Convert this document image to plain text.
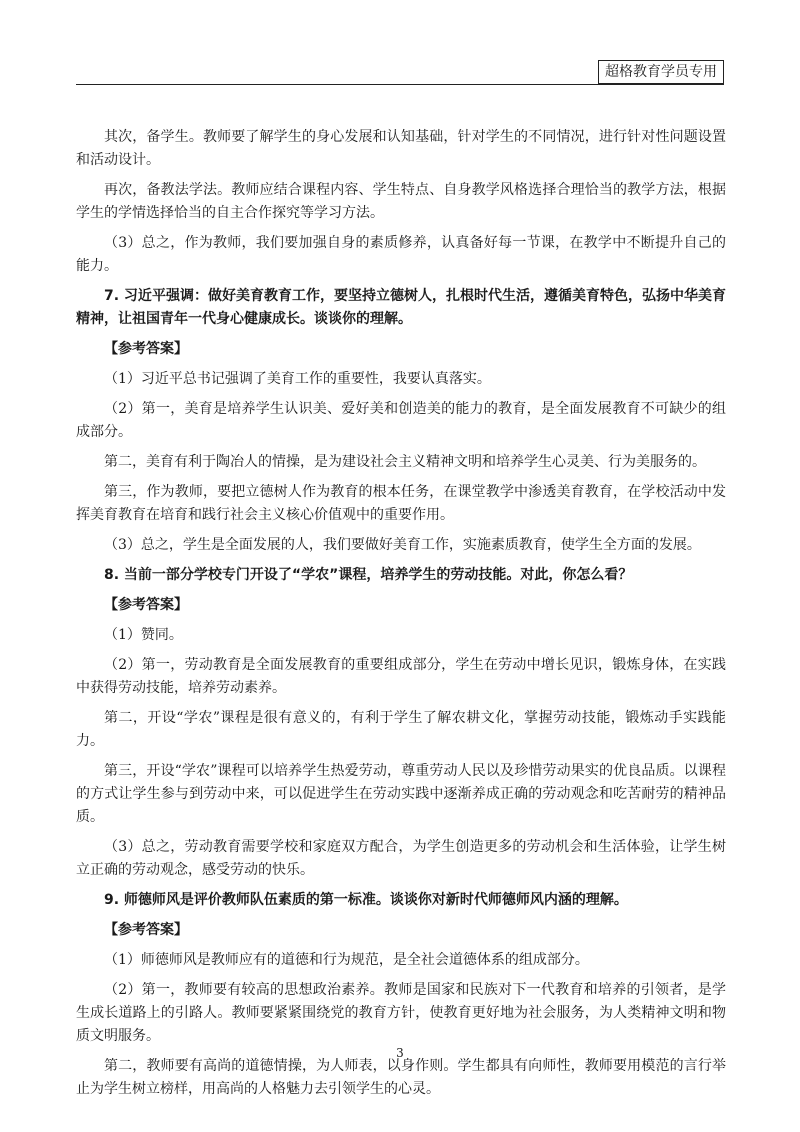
超格教育学员专用

其次，备学生。教师要了解学生的身心发展和认知基础，针对学生的不同情况，进行针对性问题设置和活动设计。

再次，备教法学法。教师应结合课程内容、学生特点、自身教学风格选择合理恰当的教学方法，根据学生的学情选择恰当的自主合作探究等学习方法。

（3）总之，作为教师，我们要加强自身的素质修养，认真备好每一节课，在教学中不断提升自己的能力。

7. 习近平强调：做好美育教育工作，要坚持立德树人，扎根时代生活，遵循美育特色，弘扬中华美育精神，让祖国青年一代身心健康成长。谈谈你的理解。

【参考答案】

（1）习近平总书记强调了美育工作的重要性，我要认真落实。

（2）第一，美育是培养学生认识美、爱好美和创造美的能力的教育，是全面发展教育不可缺少的组成部分。

第二，美育有利于陶冶人的情操，是为建设社会主义精神文明和培养学生心灵美、行为美服务的。

第三，作为教师，要把立德树人作为教育的根本任务，在课堂教学中渗透美育教育，在学校活动中发挥美育教育在培育和践行社会主义核心价值观中的重要作用。

（3）总之，学生是全面发展的人，我们要做好美育工作，实施素质教育，使学生全方面的发展。

8. 当前一部分学校专门开设了“学农”课程，培养学生的劳动技能。对此，你怎么看？

【参考答案】

（1）赞同。

（2）第一，劳动教育是全面发展教育的重要组成部分，学生在劳动中增长见识，锻炼身体，在实践中获得劳动技能，培养劳动素养。

第二，开设“学农”课程是很有意义的，有利于学生了解农耕文化，掌握劳动技能，锻炼动手实践能力。

第三，开设“学农”课程可以培养学生热爱劳动，尊重劳动人民以及珍惜劳动果实的优良品质。以课程的方式让学生参与到劳动中来，可以促进学生在劳动实践中逐渐养成正确的劳动观念和吃苦耐劳的精神品质。

（3）总之，劳动教育需要学校和家庭双方配合，为学生创造更多的劳动机会和生活体验，让学生树立正确的劳动观念，感受劳动的快乐。

9. 师德师风是评价教师队伍素质的第一标准。谈谈你对新时代师德师风内涵的理解。

【参考答案】

（1）师德师风是教师应有的道德和行为规范，是全社会道德体系的组成部分。

（2）第一，教师要有较高的思想政治素养。教师是国家和民族对下一代教育和培养的引领者，是学生成长道路上的引路人。教师要紧紧围绕党的教育方针，使教育更好地为社会服务，为人类精神文明和物质文明服务。

第二，教师要有高尚的道德情操，为人师表，以身作则。学生都具有向师性，教师要用模范的言行举止为学生树立榜样，用高尚的人格魅力去引领学生的心灵。

3
